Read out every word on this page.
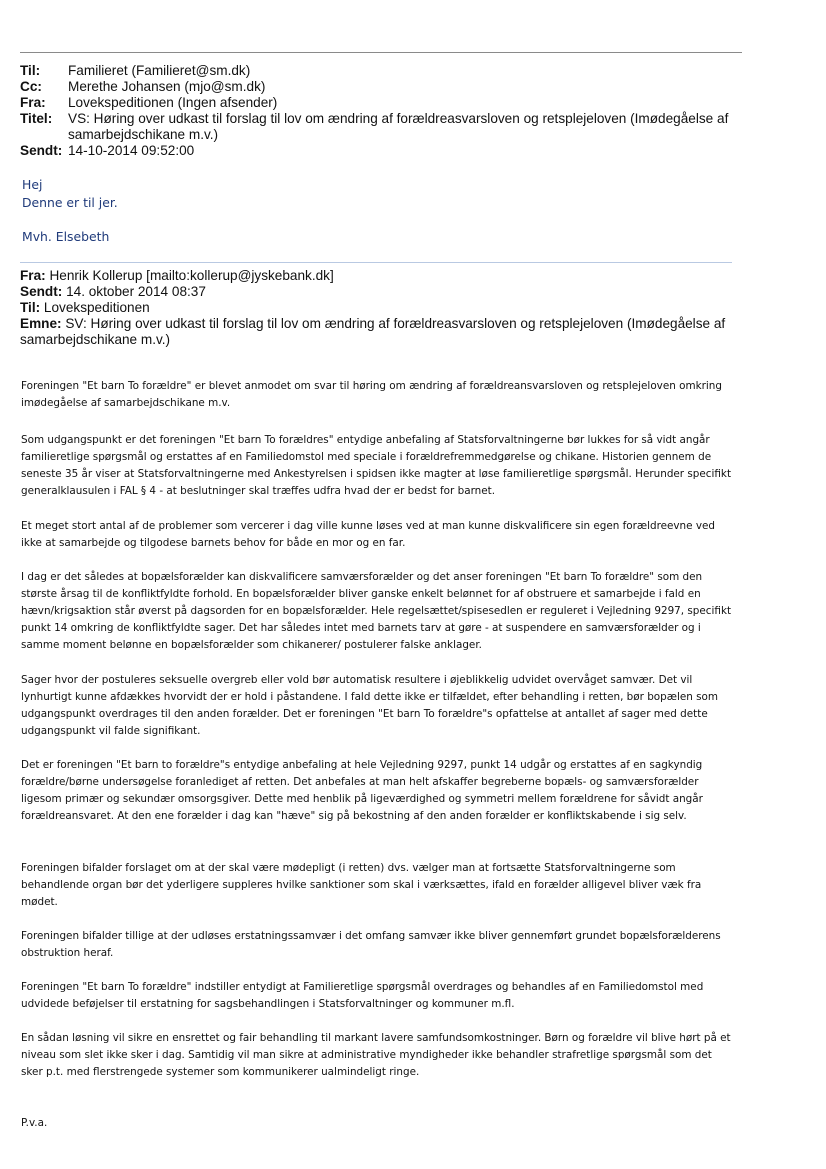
Til:	Familieret (Familieret@sm.dk)
Cc:	Merethe Johansen (mjo@sm.dk)
Fra:	Lovekspeditionen (Ingen afsender)
Titel:	VS: Høring over udkast til forslag til lov om ændring af forældreasvarsloven og retsplejeloven (Imødegåelse af samarbejdschikane m.v.)
Sendt: 14-10-2014 09:52:00
Hej
Denne er til jer.
Mvh. Elsebeth
Fra: Henrik Kollerup [mailto:kollerup@jyskebank.dk]
Sendt: 14. oktober 2014 08:37
Til: Lovekspeditionen
Emne: SV: Høring over udkast til forslag til lov om ændring af forældreasvarsloven og retsplejeloven (Imødegåelse af samarbejdschikane m.v.)

Foreningen "Et barn To forældre" er blevet anmodet om svar til høring om ændring af forældreansvarsloven og retsplejeloven omkring imødegåelse af samarbejdschikane m.v.

Som udgangspunkt er det foreningen "Et barn To forældres" entydige anbefaling af Statsforvaltningerne bør lukkes for så vidt angår familieretlige spørgsmål og erstattes af en Familiedomstol med speciale i forældrefremmedgørelse og chikane. Historien gennem de seneste 35 år viser at Statsforvaltningerne med Ankestyrelsen i spidsen ikke magter at løse familieretlige spørgsmål. Herunder specifikt generalklausulen i FAL § 4 - at beslutninger skal træffes udfra hvad der er bedst for barnet.

Et meget stort antal af de problemer som vercerer i dag ville kunne løses ved at man kunne diskvalificere sin egen forældreevne ved ikke at samarbejde og tilgodese barnets behov for både en mor og en far.

I dag er det således at bopælsforælder kan diskvalificere samværsforælder og det anser foreningen "Et barn To forældre" som den største årsag til de konfliktfyldte forhold. En bopælsforælder bliver ganske enkelt belønnet for af obstruere et samarbejde i fald en hævn/krigsaktion står øverst på dagsorden for en bopælsforælder. Hele regelsættet/spisesedlen er reguleret i Vejledning 9297, specifikt punkt 14 omkring de konfliktfyldte sager. Det har således intet med barnets tarv at gøre - at suspendere en samværsforælder og i samme moment belønne en bopælsforælder som chikanerer/ postulerer falske anklager.

Sager hvor der postuleres seksuelle overgreb eller vold bør automatisk resultere i øjeblikkelig udvidet overvåget samvær. Det vil lynhurtigt kunne afdækkes hvorvidt der er hold i påstandene. I fald dette ikke er tilfældet, efter behandling i retten, bør bopælen som udgangspunkt overdrages til den anden forælder. Det er foreningen "Et barn To forældre"s opfattelse at antallet af sager med dette udgangspunkt vil falde signifikant.

Det er foreningen "Et barn to forældre"s entydige anbefaling at hele Vejledning 9297, punkt 14 udgår og erstattes af en sagkyndig forældre/børne undersøgelse foranlediget af retten. Det anbefales at man helt afskaffer begreberne bopæls- og samværsforælder ligesom primær og sekundær omsorgsgiver. Dette med henblik på ligeværdighed og symmetri mellem forældrene for såvidt angår forældreansvaret. At den ene forælder i dag kan "hæve" sig på bekostning af den anden forælder er konfliktskabende i sig selv.

Foreningen bifalder forslaget om at der skal være mødepligt (i retten) dvs. vælger man at fortsætte Statsforvaltningerne som behandlende organ bør det yderligere suppleres hvilke sanktioner som skal i værksættes, ifald en forælder alligevel bliver væk fra mødet.

Foreningen bifalder tillige at der udløses erstatningssamvær i det omfang samvær ikke bliver gennemført grundet bopælsforælderens obstruktion heraf.

Foreningen "Et barn To forældre" indstiller entydigt at Familieretlige spørgsmål overdrages og behandles af en Familiedomstol med udvidede beføjelser til erstatning for sagsbehandlingen i Statsforvaltninger og kommuner m.fl.

En sådan løsning vil sikre en ensrettet og fair behandling til markant lavere samfundsomkostninger. Børn og forældre vil blive hørt på et niveau som slet ikke sker i dag. Samtidig vil man sikre at administrative myndigheder ikke behandler strafretlige spørgsmål som det sker p.t. med flerstrengede systemer som kommunikerer ualmindeligt ringe.

P.v.a.
